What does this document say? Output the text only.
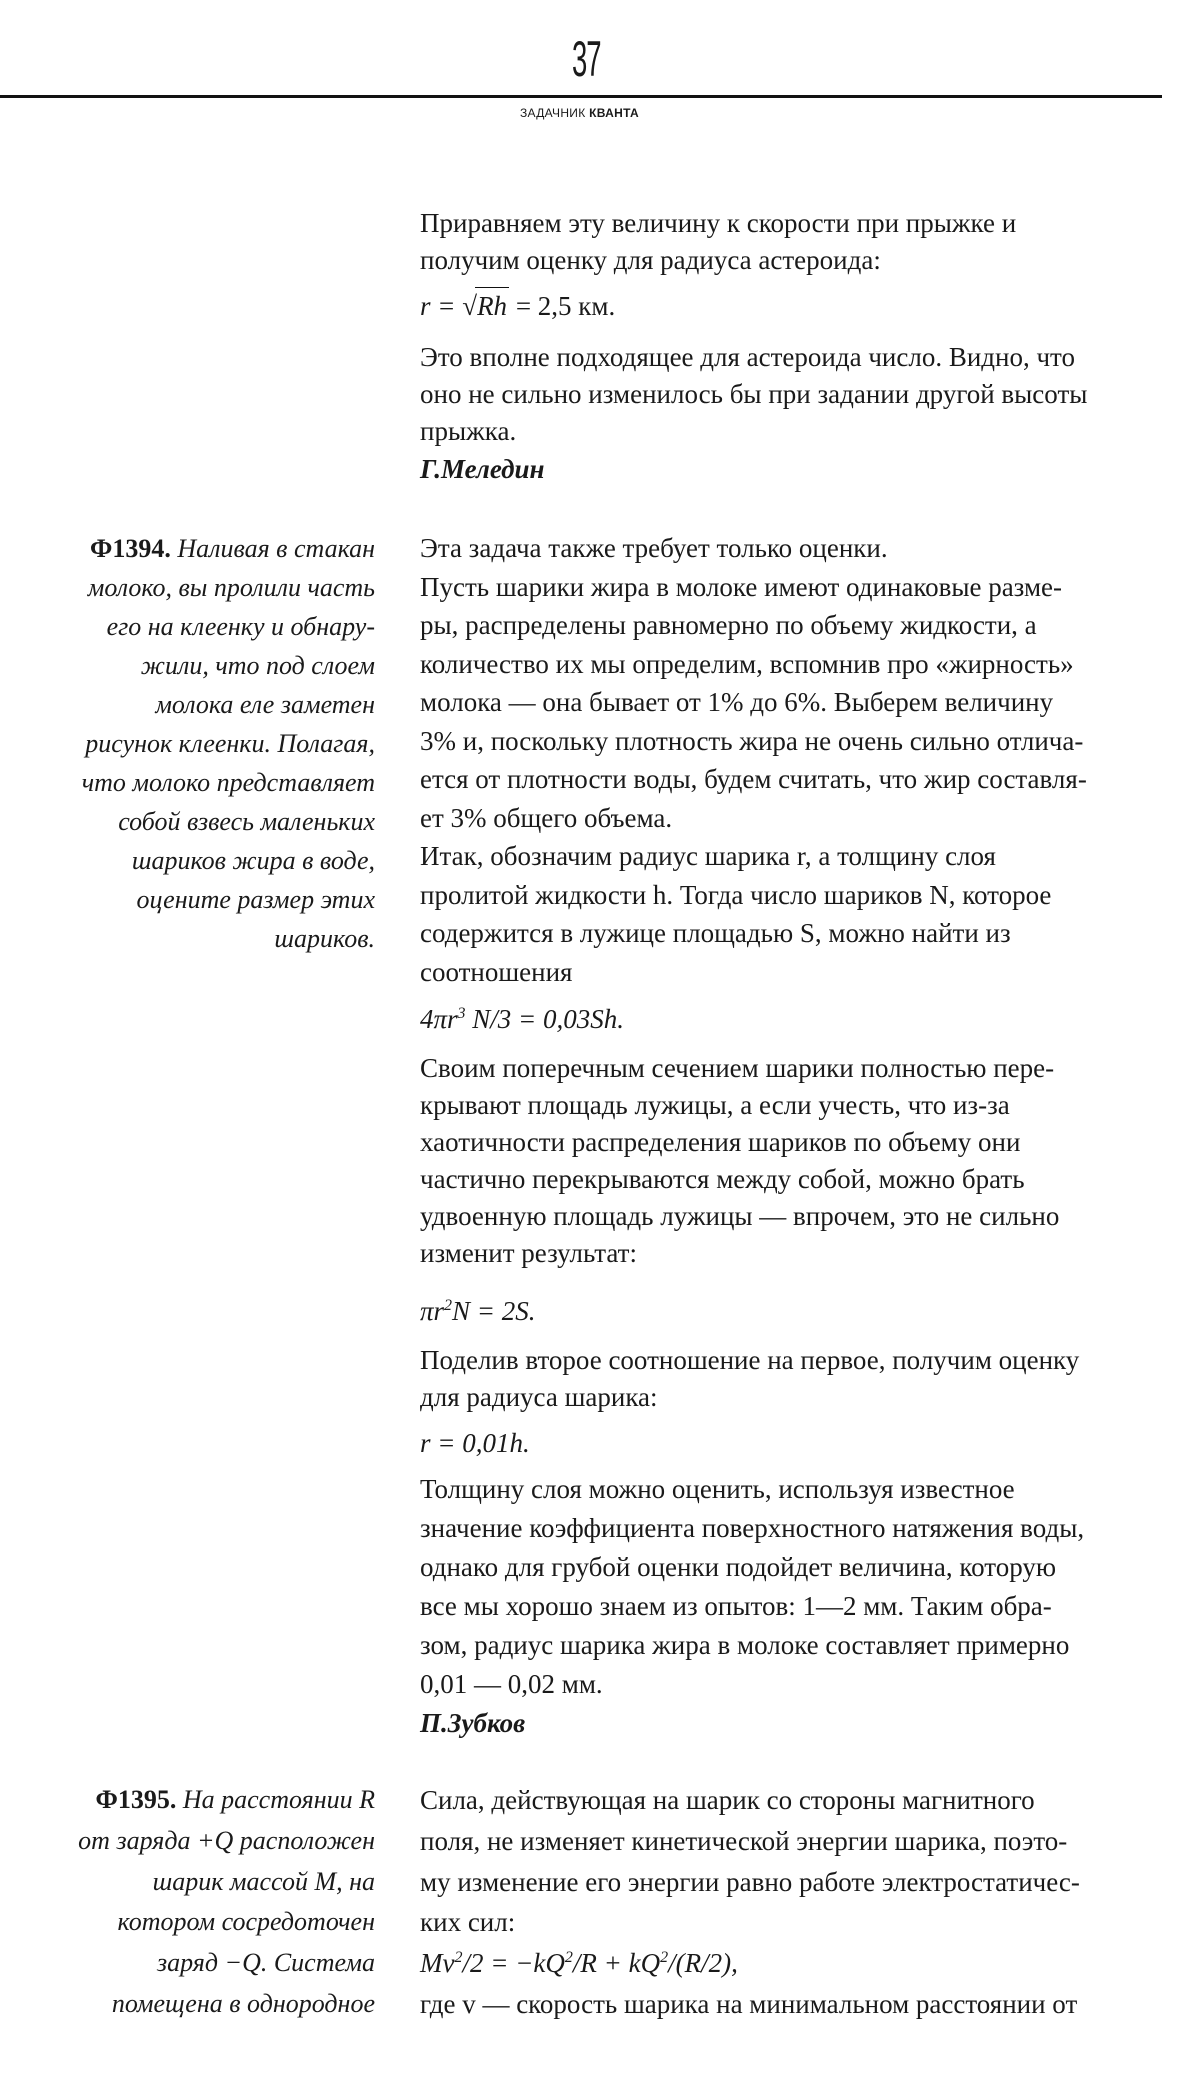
37
ЗАДАЧНИК КВАНТА
Приравняем эту величину к скорости при прыжке и
получим оценку для радиуса астероида:
r = √Rh = 2,5 км.
Это вполне подходящее для астероида число. Видно, что
оно не сильно изменилось бы при задании другой высоты
прыжка.
Г.Меледин
Ф1394. Наливая в стакан
молоко, вы пролили часть
его на клеенку и обнару-
жили, что под слоем
молока еле заметен
рисунок клеенки. Полагая,
что молоко представляет
собой взвесь маленьких
шариков жира в воде,
оцените размер этих
шариков.
Эта задача также требует только оценки.
Пусть шарики жира в молоке имеют одинаковые разме-
ры, распределены равномерно по объему жидкости, а
количество их мы определим, вспомнив про «жирность»
молока — она бывает от 1% до 6%. Выберем величину
3% и, поскольку плотность жира не очень сильно отлича-
ется от плотности воды, будем считать, что жир составля-
ет 3% общего объема.
Итак, обозначим радиус шарика r, а толщину слоя
пролитой жидкости h. Тогда число шариков N, которое
содержится в лужице площадью S, можно найти из
соотношения
$4\pi r^3$ N/3 = 0,03Sh.
Своим поперечным сечением шарики полностью пере-
крывают площадь лужицы, а если учесть, что из-за
хаотичности распределения шариков по объему они
частично перекрываются между собой, можно брать
удвоенную площадь лужицы — впрочем, это не сильно
изменит результат:
$\pi r^2N = 2S$.
Поделив второе соотношение на первое, получим оценку
для радиуса шарика:
r = 0,01h.
Толщину слоя можно оценить, используя известное
значение коэффициента поверхностного натяжения воды,
однако для грубой оценки подойдет величина, которую
все мы хорошо знаем из опытов: 1—2 мм. Таким обра-
зом, радиус шарика жира в молоке составляет примерно
0,01 — 0,02 мм.
П.Зубков
Ф1395. На расстоянии R
от заряда +Q расположен
шарик массой M, на
котором сосредоточен
заряд −Q. Система
помещена в однородное
Сила, действующая на шарик со стороны магнитного
поля, не изменяет кинетической энергии шарика, поэто-
му изменение его энергии равно работе электростатичес-
ких сил:
$Mv^2/2 = -kQ^2/R + kQ^2/(R/2)$,
где v — скорость шарика на минимальном расстоянии от
